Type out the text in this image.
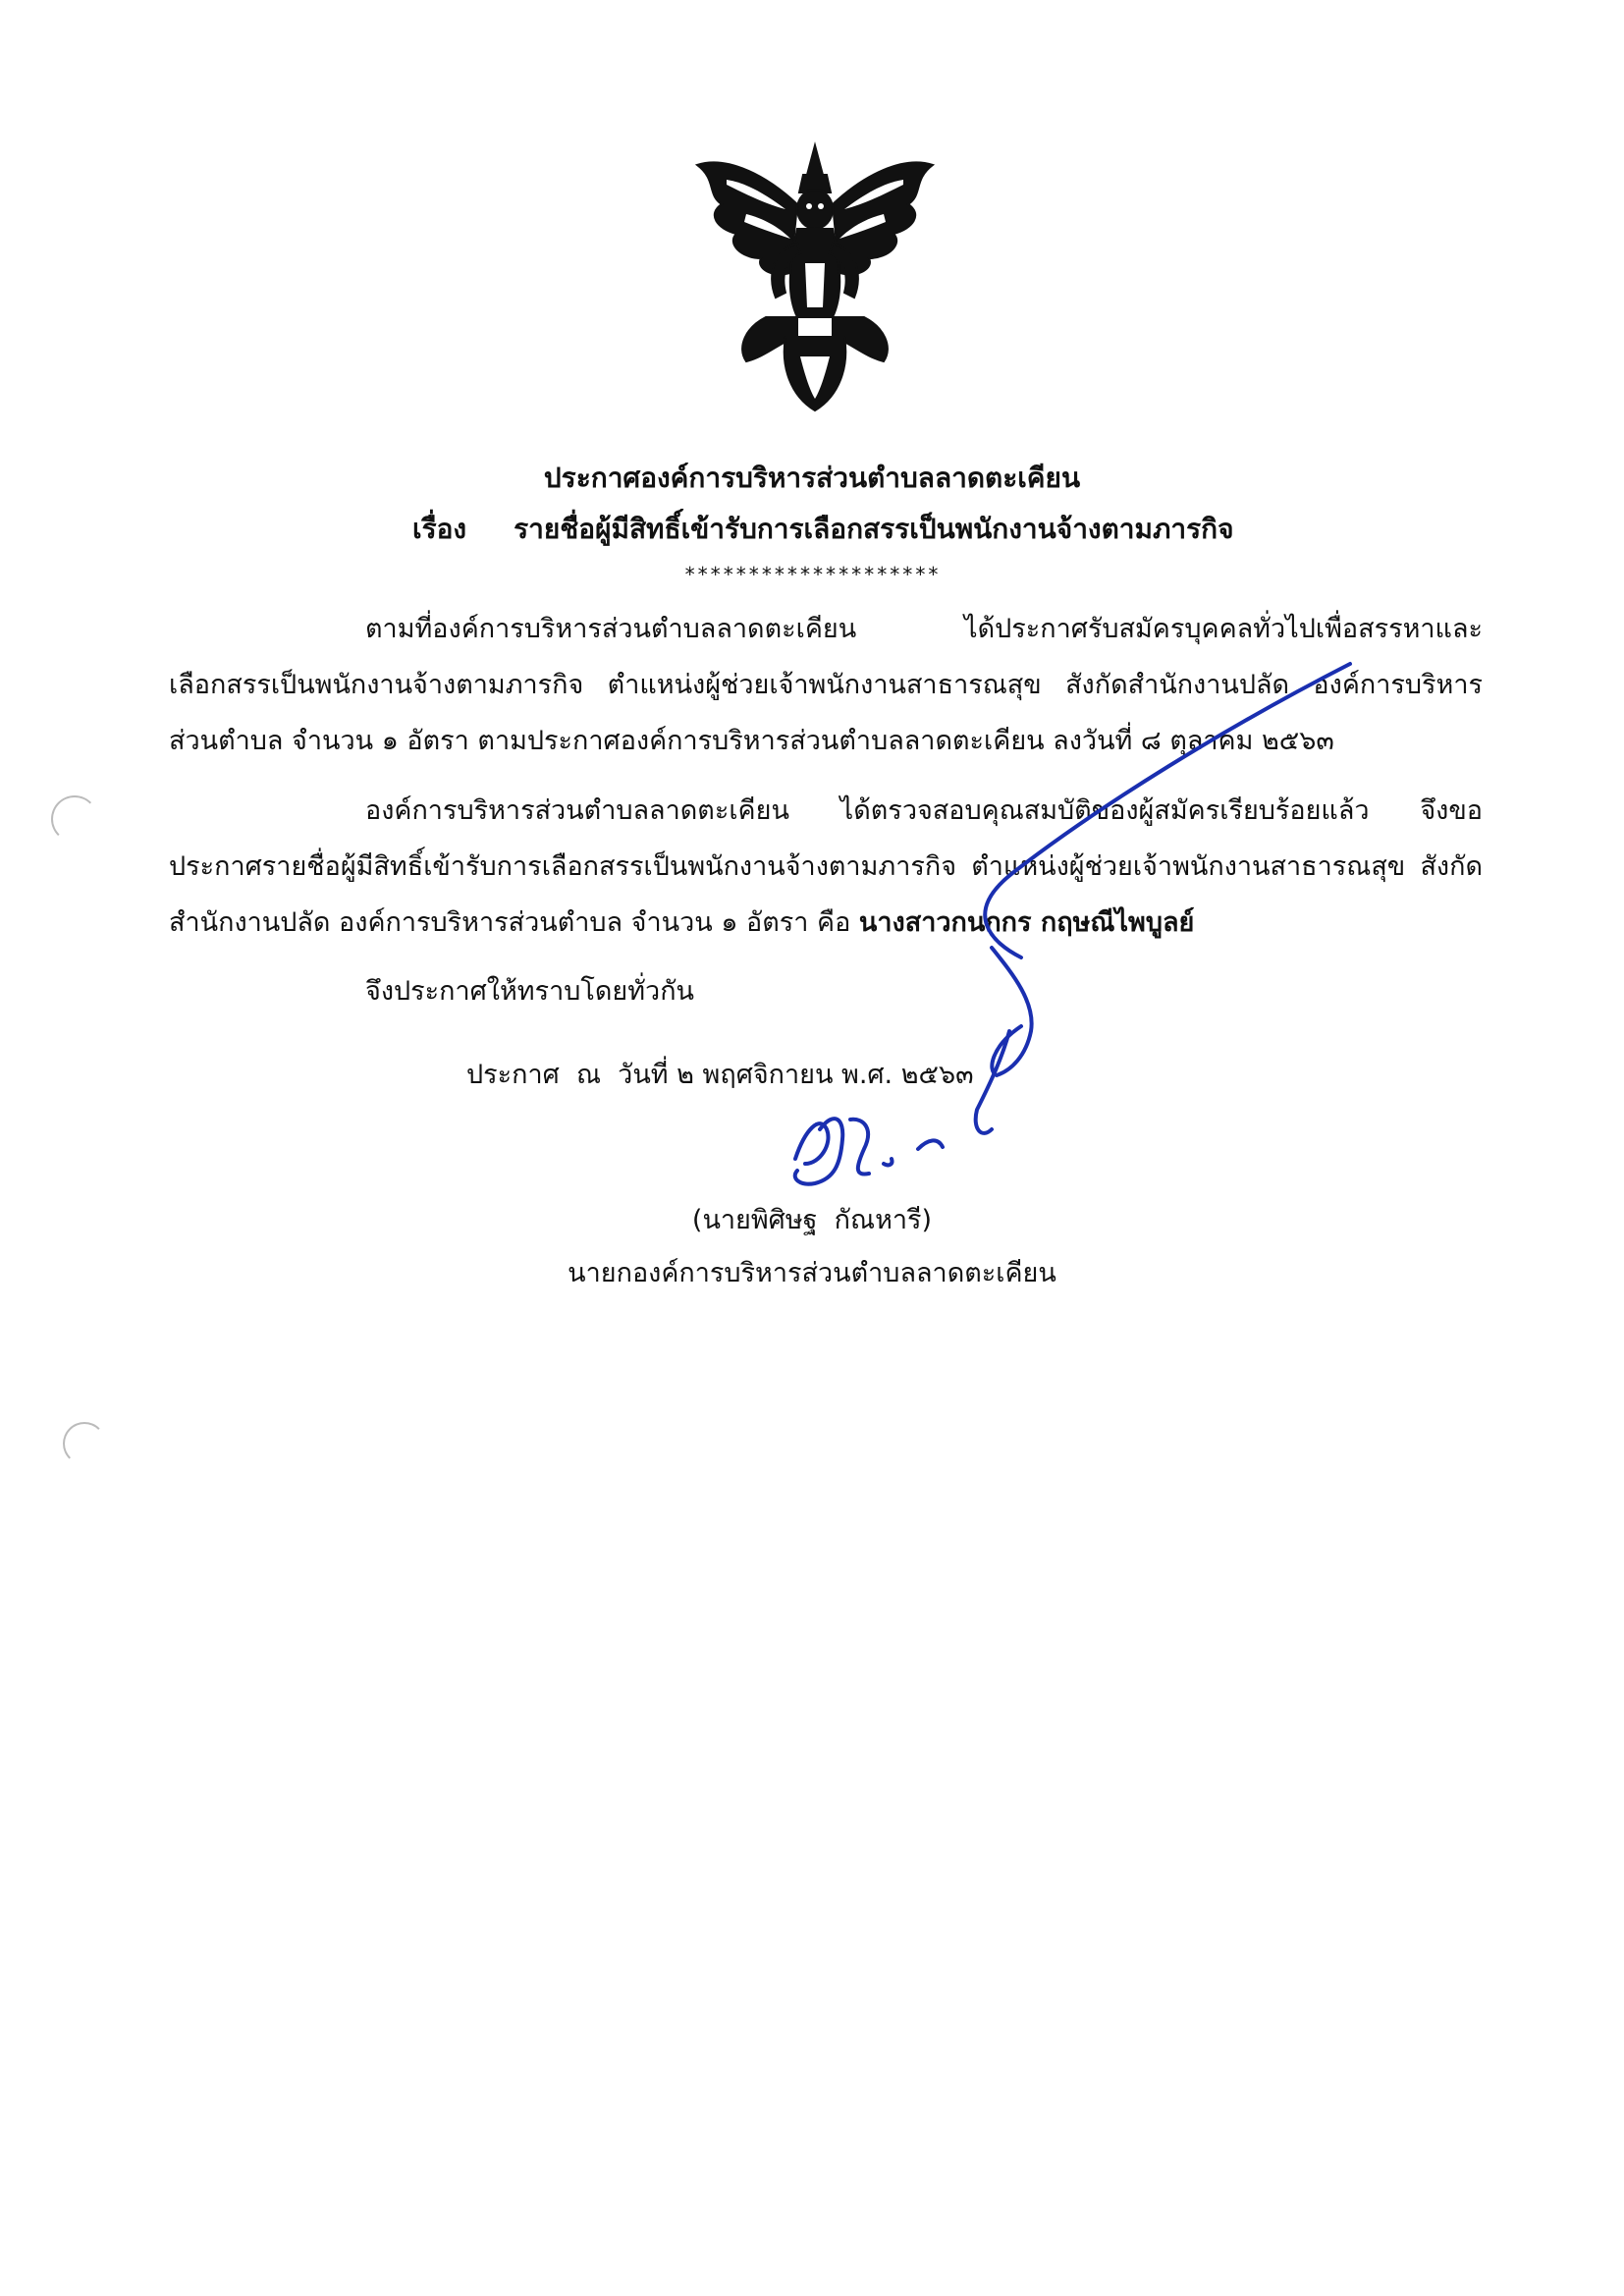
ประกาศองค์การบริหารส่วนตำบลลาดตะเคียน
เรื่อง รายชื่อผู้มีสิทธิ์เข้ารับการเลือกสรรเป็นพนักงานจ้างตามภารกิจ
********************
ตามที่องค์การบริหารส่วนตำบลลาดตะเคียน ได้ประกาศรับสมัครบุคคลทั่วไปเพื่อสรรหาและเลือกสรรเป็นพนักงานจ้างตามภารกิจ ตำแหน่งผู้ช่วยเจ้าพนักงานสาธารณสุข สังกัดสำนักงานปลัด องค์การบริหารส่วนตำบล จำนวน ๑ อัตรา ตามประกาศองค์การบริหารส่วนตำบลลาดตะเคียน ลงวันที่ ๘ ตุลาคม ๒๕๖๓
องค์การบริหารส่วนตำบลลาดตะเคียน ได้ตรวจสอบคุณสมบัติของผู้สมัครเรียบร้อยแล้ว จึงขอประกาศรายชื่อผู้มีสิทธิ์เข้ารับการเลือกสรรเป็นพนักงานจ้างตามภารกิจ ตำแหน่งผู้ช่วยเจ้าพนักงานสาธารณสุข สังกัดสำนักงานปลัด องค์การบริหารส่วนตำบล จำนวน ๑ อัตรา คือ นางสาวกนกกร กฤษณีไพบูลย์
จึงประกาศให้ทราบโดยทั่วกัน
ประกาศ  ณ  วันที่ ๒ พฤศจิกายน พ.ศ. ๒๕๖๓
(นายพิศิษฐ  กัณหารี)
นายกองค์การบริหารส่วนตำบลลาดตะเคียน
